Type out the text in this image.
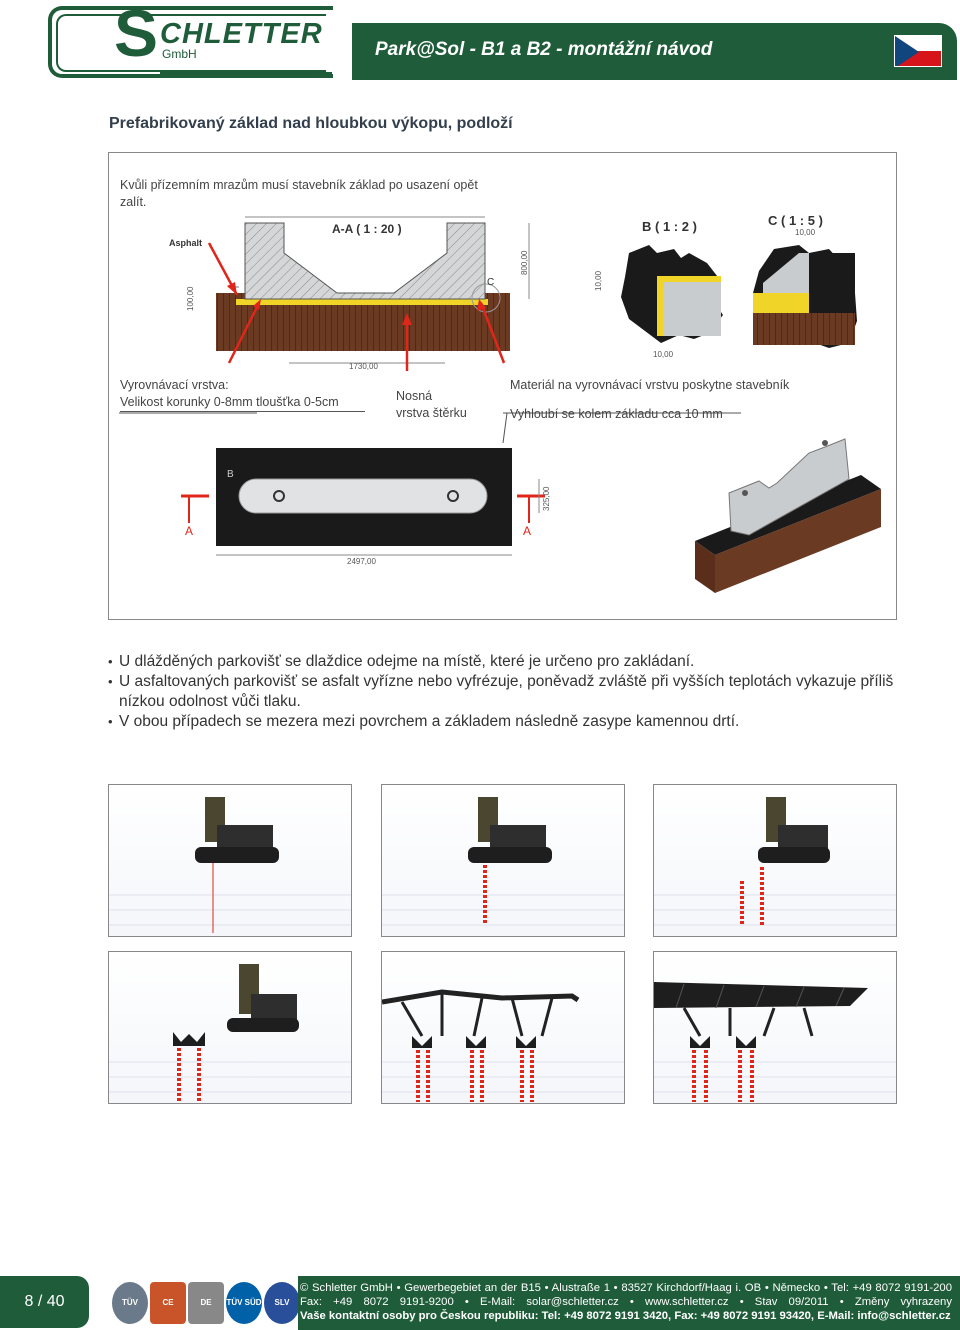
S CHLETTER
GmbH	Park@Sol - B1 a B2 - montážní návod
Prefabrikovaný základ nad hloubkou výkopu, podloží
Kvůli přízemním mrazům musí stavebník základ po usazení opět zalít.
A-A ( 1 : 20 )
Asphalt
1730,00
800,00
100,00
C
B ( 1 : 2 )
10,00
C ( 1 : 5 )
10,00
10,00
B
A	A
2497,00
325,00
Vyrovnávací vrstva:
Velikost korunky 0-8mm tloušťka 0-5cm	Nosná
vrstva štěrku
Materiál na vyrovnávací vrstvu poskytne stavebník
Vyhloubí se kolem základu cca 10 mm
• U dlážděných parkovišť se dlaždice odejme na místě, které je určeno pro zakládaní.
• U asfaltovaných parkovišť se asfalt vyřízne nebo vyfrézuje, poněvadž zvláště při vyšších teplotách vykazuje příliš nízkou odolnost vůči tlaku.
• V obou případech se mezera mezi povrchem a základem následně zasype kamennou drtí.
8 / 40	TÜV	CE	DE	TÜV SÜD	SLV
© Schletter GmbH • Gewerbegebiet an der B15 • Alustraße 1 • 83527 Kirchdorf/Haag i. OB • Německo • Tel: +49 8072 9191-200
Fax: +49 8072 9191-9200 • E-Mail: solar@schletter.cz • www.schletter.cz • Stav 09/2011 • Změny vyhrazeny
Vaše kontaktní osoby pro Českou republiku: Tel: +49 8072 9191 3420, Fax: +49 8072 9191 93420, E-Mail: info@schletter.cz
